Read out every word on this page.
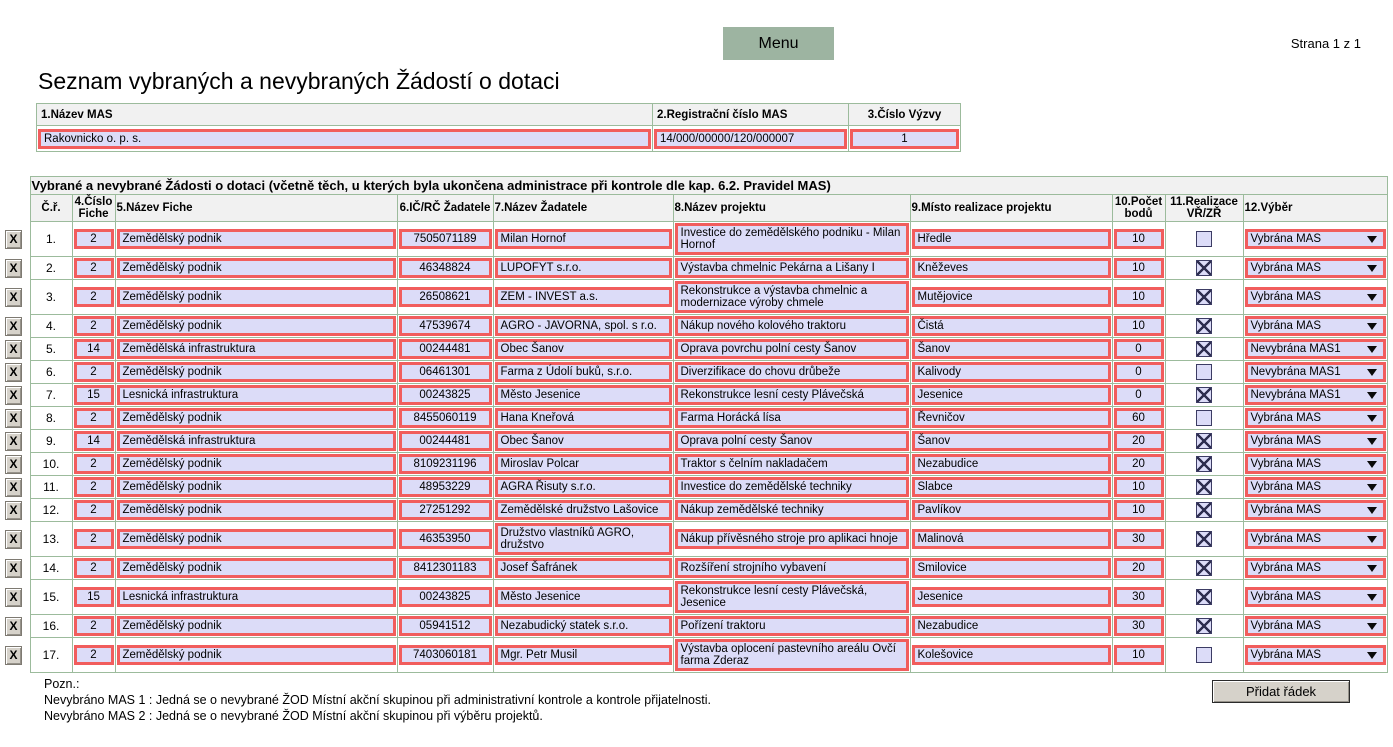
Menu	Strana 1 z 1
Seznam vybraných a nevybraných Žádostí o dotaci
1.Název MAS	2.Registrační číslo MAS	3.Číslo Výzvy

Rakovnicko o. p. s.	14/000/00000/120/000007	1
	Vybrané a nevybrané Žádosti o dotaci (včetně těch, u kterých byla ukončena administrace při kontrole dle kap. 6.2. Pravidel MAS)									
	Č.ř.	4.Číslo Fiche	5.Název Fiche	6.IČ/RČ Žadatele	7.Název Žadatele	8.Název projektu	9.Místo realizace projektu	10.Počet bodů	11.Realizace VŘ/ZŘ	12.Výběr

X	1.	2	Zemědělský podnik	7505071189	Milan Hornof	Investice do zemědělského podniku - Milan Hornof	Hředle	10		Vybrána MAS

X	2.	2	Zemědělský podnik	46348824	LUPOFYT s.r.o.	Výstavba chmelnic Pekárna a Lišany I	Kněževes	10		Vybrána MAS

X	3.	2	Zemědělský podnik	26508621	ZEM - INVEST a.s.	Rekonstrukce a výstavba chmelnic a modernizace výroby chmele	Mutějovice	10		Vybrána MAS

X	4.	2	Zemědělský podnik	47539674	AGRO - JAVORNA, spol. s r.o.	Nákup nového kolového traktoru	Čistá	10		Vybrána MAS

X	5.	14	Zemědělská infrastruktura	00244481	Obec Šanov	Oprava povrchu polní cesty Šanov	Šanov	0		Nevybrána MAS1

X	6.	2	Zemědělský podnik	06461301	Farma z Údolí buků, s.r.o.	Diverzifikace do chovu drůbeže	Kalivody	0		Nevybrána MAS1

X	7.	15	Lesnická infrastruktura	00243825	Město Jesenice	Rekonstrukce lesní cesty Plávečská	Jesenice	0		Nevybrána MAS1

X	8.	2	Zemědělský podnik	8455060119	Hana Kneřová	Farma Horácká lísa	Řevničov	60		Vybrána MAS

X	9.	14	Zemědělská infrastruktura	00244481	Obec Šanov	Oprava polní cesty Šanov	Šanov	20		Vybrána MAS

X	10.	2	Zemědělský podnik	8109231196	Miroslav Polcar	Traktor s čelním nakladačem	Nezabudice	20		Vybrána MAS

X	11.	2	Zemědělský podnik	48953229	AGRA Řisuty s.r.o.	Investice do zemědělské techniky	Slabce	10		Vybrána MAS

X	12.	2	Zemědělský podnik	27251292	Zemědělské družstvo Lašovice	Nákup zemědělské techniky	Pavlíkov	10		Vybrána MAS

X	13.	2	Zemědělský podnik	46353950	Družstvo vlastníků AGRO, družstvo	Nákup přívěsného stroje pro aplikaci hnoje	Malinová	30		Vybrána MAS

X	14.	2	Zemědělský podnik	8412301183	Josef Šafránek	Rozšíření strojního vybavení	Smilovice	20		Vybrána MAS

X	15.	15	Lesnická infrastruktura	00243825	Město Jesenice	Rekonstrukce lesní cesty Plávečská, Jesenice	Jesenice	30		Vybrána MAS

X	16.	2	Zemědělský podnik	05941512	Nezabudický statek s.r.o.	Pořízení traktoru	Nezabudice	30		Vybrána MAS

X	17.	2	Zemědělský podnik	7403060181	Mgr. Petr Musil	Výstavba oplocení pastevního areálu Ovčí farma Zderaz	Kolešovice	10		Vybrána MAS
Pozn.:
Nevybráno MAS 1 : Jedná se o nevybrané ŽOD Místní akční skupinou při administrativní kontrole a kontrole přijatelnosti.
Nevybráno MAS 2 : Jedná se o nevybrané ŽOD Místní akční skupinou při výběru projektů.
Přidat řádek
